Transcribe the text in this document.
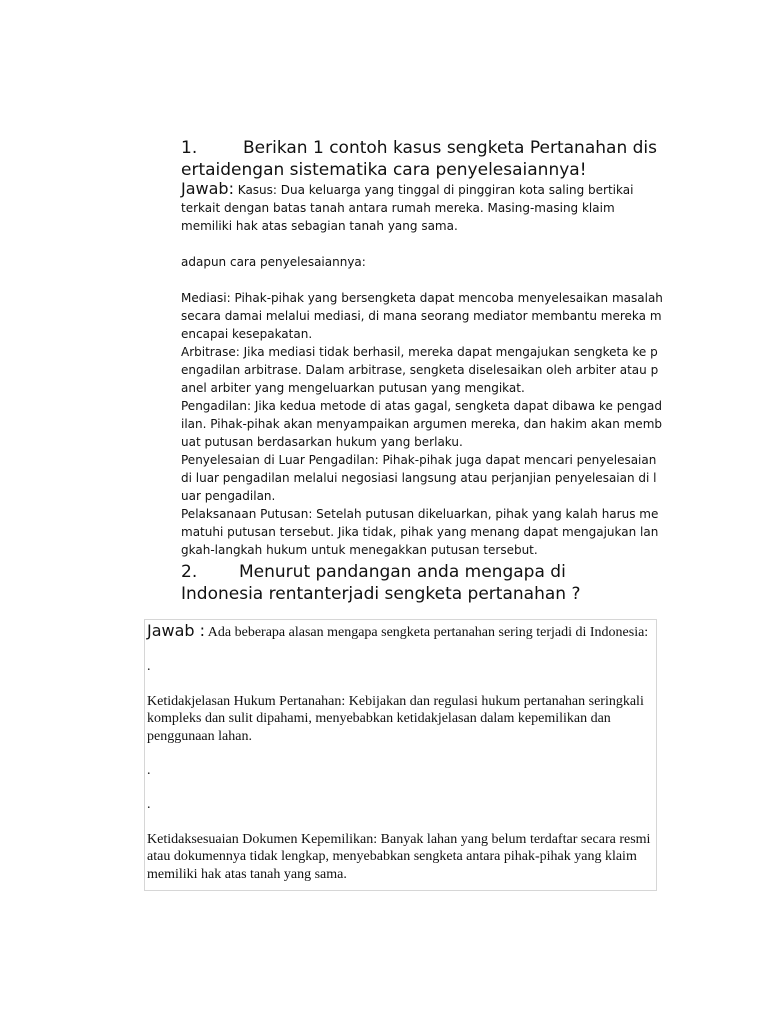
1.	Berikan 1 contoh kasus sengketa Pertanahan disertaidengan sistematika cara penyelesaiannya!

Jawab: Kasus: Dua keluarga yang tinggal di pinggiran kota saling bertikai terkait dengan batas tanah antara rumah mereka. Masing-masing klaim memiliki hak atas sebagian tanah yang sama.

adapun cara penyelesaiannya:

Mediasi: Pihak-pihak yang bersengketa dapat mencoba menyelesaikan masalah secara damai melalui mediasi, di mana seorang mediator membantu mereka mencapai kesepakatan.

Arbitrase: Jika mediasi tidak berhasil, mereka dapat mengajukan sengketa ke pengadilan arbitrase. Dalam arbitrase, sengketa diselesaikan oleh arbiter atau panel arbiter yang mengeluarkan putusan yang mengikat.

Pengadilan: Jika kedua metode di atas gagal, sengketa dapat dibawa ke pengadilan. Pihak-pihak akan menyampaikan argumen mereka, dan hakim akan membuat putusan berdasarkan hukum yang berlaku.

Penyelesaian di Luar Pengadilan: Pihak-pihak juga dapat mencari penyelesaian di luar pengadilan melalui negosiasi langsung atau perjanjian penyelesaian di luar pengadilan.

Pelaksanaan Putusan: Setelah putusan dikeluarkan, pihak yang kalah harus mematuhi putusan tersebut. Jika tidak, pihak yang menang dapat mengajukan langkah-langkah hukum untuk menegakkan putusan tersebut.

2. Menurut pandangan anda mengapa di
Indonesia rentanterjadi sengketa pertanahan ?

Jawab : Ada beberapa alasan mengapa sengketa pertanahan sering terjadi di Indonesia:

.

Ketidakjelasan Hukum Pertanahan: Kebijakan dan regulasi hukum pertanahan seringkali kompleks dan sulit dipahami, menyebabkan ketidakjelasan dalam kepemilikan dan penggunaan lahan.

.

.

Ketidaksesuaian Dokumen Kepemilikan: Banyak lahan yang belum terdaftar secara resmi atau dokumennya tidak lengkap, menyebabkan sengketa antara pihak-pihak yang klaim memiliki hak atas tanah yang sama.
